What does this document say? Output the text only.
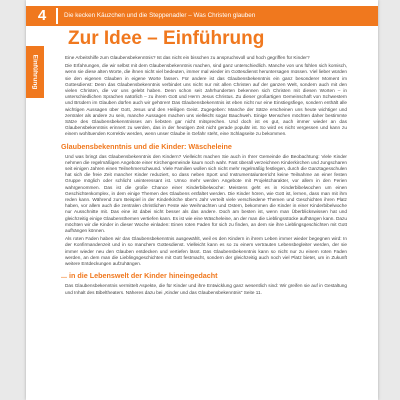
4	Die kecken Käuzchen und die Steppenadler – Was Christen glauben
Einführung
Zur Idee – Einführung

Eine Arbeitshilfe zum Glaubensbekenntnis? Ist das nicht ein bisschen zu anspruchsvoll und hoch gegriffen für Kinder?

Die Erfahrungen, die wir selbst mit dem Glaubensbekenntnis machen, sind ganz unterschiedlich. Manche von uns fühlen sich komisch, wenn sie diese alten Worte, die ihnen nicht viel bedeuten, immer mal wieder im Gottesdienst heruntersagen müssen. Viel lieber würden sie den eigenen Glauben in eigene Worte fassen. Für andere ist das Glaubensbekenntnis ein ganz besonderer Moment im Gottesdienst: Denn das Glaubensbekenntnis verbindet uns nicht nur mit allen Christen auf der ganzen Welt, sondern auch mit den vielen Christen, die vor uns gelebt haben. Denn schon seit Jahrhunderten bekennen sich Christen mit diesen Worten – in unterschiedlichen Sprachen natürlich – zu ihrem Gott und Herrn Jesus Christus. Zu dieser großartigen Gemeinschaft von Schwestern und Brüdern im Glauben dürfen auch wir gehören! Das Glaubensbekenntnis ist eben nicht nur eine Einstiegsfiege, sondern enthält alle wichtigen Aussagen über Gott, Jesus und den Heiligen Geist. Zugegeben: Manche der Sätze erscheinen uns heute wichtiger und zentraler als andere zu sein, manche Aussagen machen uns vielleicht sogar Bauchweh. Einige Menschen möchten daher bestimmte Sätze des Glaubensbekenntnisses am liebsten gar nicht mitsprechen. Und doch ist es gut, auch immer wieder an das Glaubensbekenntnis erinnert zu werden, das in der heutigen Zeit nicht gerade populär ist. So wird es nicht vergessen und kann zu einem wohltuenden Korrektiv werden, wenn unser Glaube in Gefahr steht, eine Schlagseite zu bekommen.

Glaubensbekenntnis und die Kinder: Wäscheleine

Und was bringt das Glaubensbekenntnis den Kindern? Vielleicht machen Sie auch in Ihrer Gemeinde die Beobachtung: Viele Kinder nehmen die regelmäßigen Angebote einer Kirchengemeinde kaum noch wahr. Fast überall verzeichnen Kinderkirchen und Jungscharen seit einigen Jahren einen Teilnehmerschwund. Viele Familien wollen sich nicht mehr regelmäßig festlegen, durch die Ganztagesschulen hat sich die freie Zeit mancher Kinder reduziert, so dass neben Sport und Instrumentalunterricht keine Teilnahme an einer festen Gruppe möglich oder schlicht uninteressant ist. Umso mehr werden Angebote mit Projektcharakter, vor allem in den Ferien wahrgenommen. Das ist die große Chance einer Kinderbibelwoche: Meistens geht es in Kinderbibelwochen um einen Geschichtenkomplex, in dem einige Themen des Glaubens entfaltet werden. Die Kinder hören, wie Gott ist, lernen, dass man mit ihm reden kann. Während zum Beispiel in der Kinderkirche über's Jahr verteilt viele verschiedene Themen und Geschichten ihren Platz haben, vor allem auch die zentralen christlichen Feste wie Weihnachten und Ostern, bekommen die Kinder in einer Kinderbibelwoche nur Ausschnitte mit. Das eine ist dabei nicht besser als das andere. Doch am besten ist, wenn man Überblickswissen hat und gleichzeitig einige Glaubensthemen vertiefen kann. Es ist wie eine Wäscheleine, an der man die Lieblingsstücke aufhängen kann. Dazu möchten wir die Kinder in dieser Woche einladen: Einen roten Faden für sich zu finden, an dem sie ihre Lieblingsgeschichten mit Gott aufhängen können.

Als roten Faden haben wir das Glaubensbekenntnis ausgewählt, weil es den Kindern in ihrem Leben immer wieder begegnen wird: In der Konfirmandenzeit und in so manchem Gottesdienst. Vielleicht kann es so zu einem vertrauten Lebensbegleiter werden, der sie immer wieder neu den Glauben entdecken und vertiefen lässt. Das Glaubensbekenntnis kann so nicht nur zu einem roten Faden werden, an dem man die Lieblingsgeschichten mit Gott festmacht, sondern der gleichzeitig auch noch viel Platz bietet, um in Zukunft weitere Entdeckungen aufzuhängen.

... in die Lebenswelt der Kinder hineingedacht

Das Glaubensbekenntnis vermittelt Aspekte, die für Kinder und ihre Entwicklung ganz wesentlich sind: Wir greifen sie auf in Gestaltung und Inhalt des Bibeltheaters. Näheres dazu bei „Kinder und das Glaubensbekenntnis“ Seite 11.
